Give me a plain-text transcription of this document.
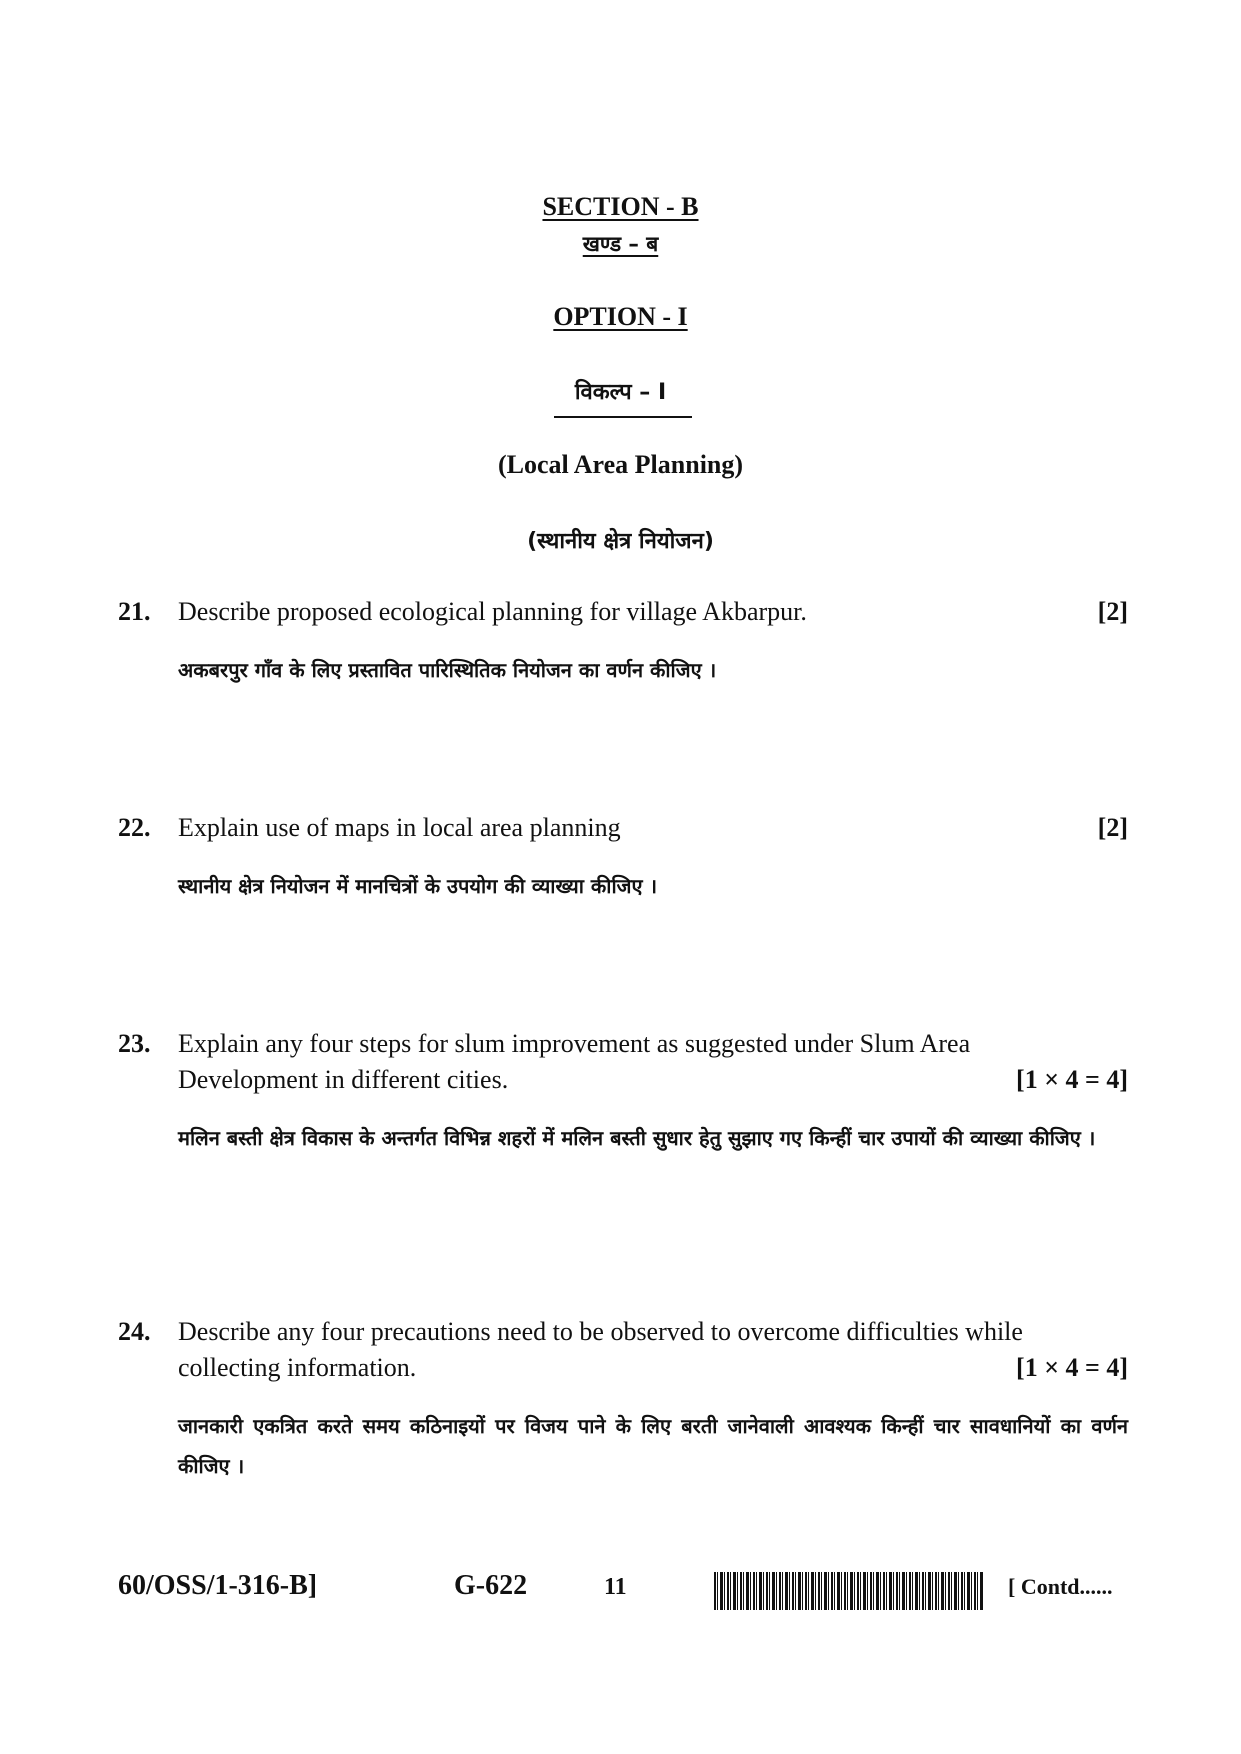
SECTION - B
खण्ड – ब
OPTION - I
विकल्प – I
(Local Area Planning)
(स्थानीय क्षेत्र नियोजन)
21. Describe proposed ecological planning for village Akbarpur.	[2]
अकबरपुर गाँव के लिए प्रस्तावित पारिस्थितिक नियोजन का वर्णन कीजिए ।
22. Explain use of maps in local area planning	[2]
स्थानीय क्षेत्र नियोजन में मानचित्रों के उपयोग की व्याख्या कीजिए ।
23. Explain any four steps for slum improvement as suggested under Slum Area
Development in different cities.	[1 × 4 = 4]
मलिन बस्ती क्षेत्र विकास के अन्तर्गत विभिन्न शहरों में मलिन बस्ती सुधार हेतु सुझाए गए किन्हीं चार उपायों की व्याख्या कीजिए ।
24. Describe any four precautions need to be observed to overcome difficulties while
collecting information.	[1 × 4 = 4]
जानकारी एकत्रित करते समय कठिनाइयों पर विजय पाने के लिए बरती जानेवाली आवश्यक किन्हीं चार सावधानियों का वर्णन कीजिए ।
60/OSS/1-316-B]	G-622	11	[ Contd......
